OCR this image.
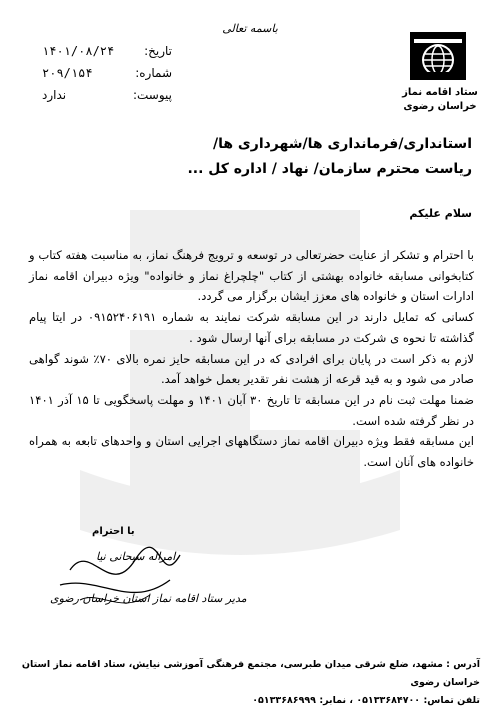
باسمه تعالی
ستاد اقامه نماز
خراسان رضوی
تاریخ:
۱۴۰۱/۰۸/۲۴
شماره:
۲۰۹/۱۵۴
پیوست:
ندارد
استانداری/فرمانداری ها/شهرداری ها/
ریاست محترم سازمان/ نهاد / اداره کل ...
سلام علیکم

با احترام و تشکر از عنایت حضرتعالی در توسعه و ترویج فرهنگ نماز، به مناسبت هفته کتاب و کتابخوانی مسابقه خانواده بهشتی از کتاب "چلچراغ نماز و خانواده" ویژه دبیران اقامه نماز ادارات استان و خانواده های معزز ایشان برگزار می گردد.

کسانی که تمایل دارند در این مسابقه شرکت نمایند به شماره ۰۹۱۵۲۴۰۶۱۹۱ در ایتا پیام گذاشته تا نحوه ی شرکت در مسابقه برای آنها ارسال شود .

لازم به ذکر است در پایان برای افرادی که در این مسابقه حایز نمره بالای ۷۰٪ شوند گواهی صادر می شود و به قید قرعه از هشت نفر تقدیر بعمل خواهد آمد.

ضمنا مهلت ثبت نام در این مسابقه تا تاریخ ۳۰ آبان ۱۴۰۱ و مهلت پاسخگویی تا ۱۵ آذر ۱۴۰۱ در نظر گرفته شده است.

این مسابقه فقط ویژه دبیران اقامه نماز دستگاههای اجرایی استان و واحدهای تابعه به همراه خانواده های آنان است.

با احترام
امراله سبحانی نیا
مدیر ستاد اقامه نماز استان خراسان رضوی
آدرس : مشهد، ضلع شرقی میدان طبرسی، مجتمع فرهنگی آموزشی نیایش، ستاد اقامه نماز استان خراسان رضوی
تلفن تماس: ۰۵۱۳۳۶۸۴۷۰۰ ، نمابر: ۰۵۱۳۳۶۸۶۹۹۹
